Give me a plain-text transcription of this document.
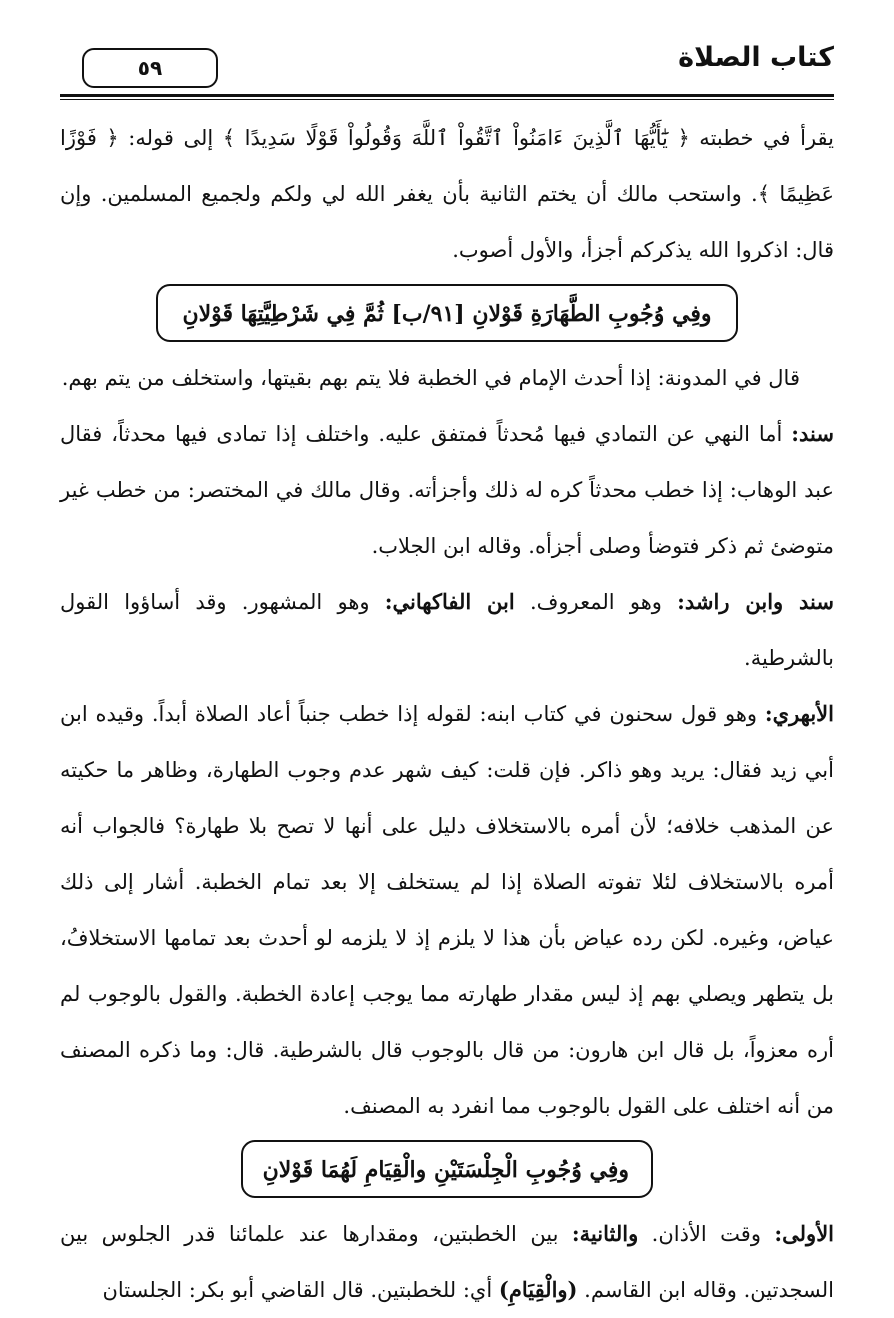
كتاب الصلاة
٥٩

يقرأ في خطبته ﴿ يَٰٓأَيُّهَا ٱلَّذِينَ ءَامَنُواْ ٱتَّقُواْ ٱللَّهَ وَقُولُواْ قَوْلًا سَدِيدًا ﴾ إلى قوله: ﴿ فَوْزًا عَظِيمًا ﴾. واستحب مالك أن يختم الثانية بأن يغفر الله لي ولكم ولجميع المسلمين. وإن قال: اذكروا الله يذكركم أجزأ، والأول أصوب.

وفِي وُجُوبِ الطَّهَارَةِ قَوْلانِ [٩١/ب] ثُمَّ فِي شَرْطِيَّتِهَا قَوْلانِ

قال في المدونة: إذا أحدث الإمام في الخطبة فلا يتم بهم بقيتها، واستخلف من يتم بهم.

سند: أما النهي عن التمادي فيها مُحدثاً فمتفق عليه. واختلف إذا تمادى فيها محدثاً، فقال عبد الوهاب: إذا خطب محدثاً كره له ذلك وأجزأته. وقال مالك في المختصر: من خطب غير متوضئ ثم ذكر فتوضأ وصلى أجزأه. وقاله ابن الجلاب.

سند وابن راشد: وهو المعروف. ابن الفاكهاني: وهو المشهور. وقد أساؤوا القول بالشرطية.

الأبهري: وهو قول سحنون في كتاب ابنه: لقوله إذا خطب جنباً أعاد الصلاة أبداً. وقيده ابن أبي زيد فقال: يريد وهو ذاكر. فإن قلت: كيف شهر عدم وجوب الطهارة، وظاهر ما حكيته عن المذهب خلافه؛ لأن أمره بالاستخلاف دليل على أنها لا تصح بلا طهارة؟ فالجواب أنه أمره بالاستخلاف لئلا تفوته الصلاة إذا لم يستخلف إلا بعد تمام الخطبة. أشار إلى ذلك عياض، وغيره. لكن رده عياض بأن هذا لا يلزم إذ لا يلزمه لو أحدث بعد تمامها الاستخلافُ، بل يتطهر ويصلي بهم إذ ليس مقدار طهارته مما يوجب إعادة الخطبة. والقول بالوجوب لم أره معزواً، بل قال ابن هارون: من قال بالوجوب قال بالشرطية. قال: وما ذكره المصنف من أنه اختلف على القول بالوجوب مما انفرد به المصنف.

وفِي وُجُوبِ الْجِلْسَتَيْنِ والْقِيَامِ لَهُمَا قَوْلانِ

الأولى: وقت الأذان. والثانية: بين الخطبتين، ومقدارها عند علمائنا قدر الجلوس بين السجدتين. وقاله ابن القاسم. (والْقِيَامِ) أي: للخطبتين. قال القاضي أبو بكر: الجلستان
